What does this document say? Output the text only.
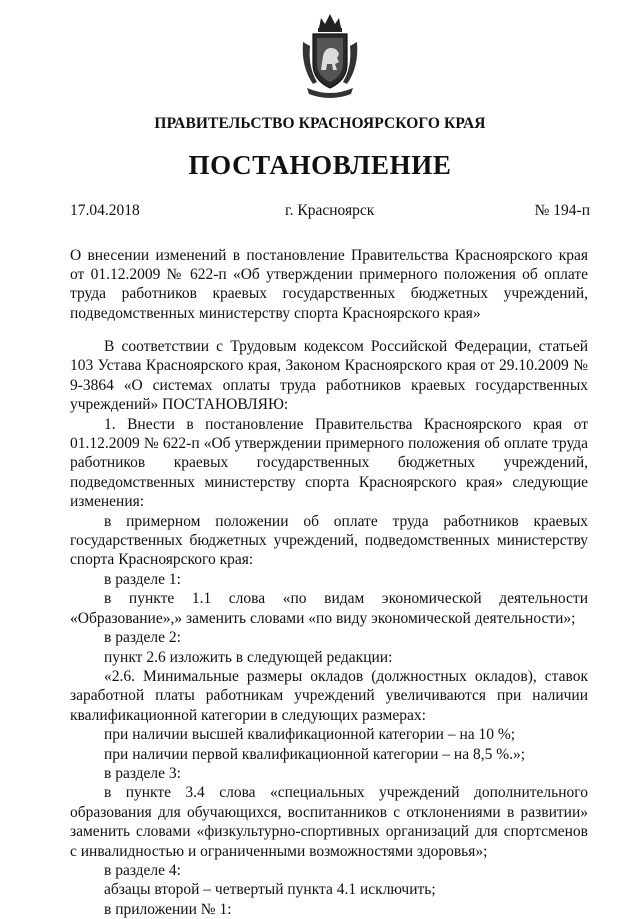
ПРАВИТЕЛЬСТВО КРАСНОЯРСКОГО КРАЯ
ПОСТАНОВЛЕНИЕ
17.04.2018	г. Красноярск	№ 194-п
О внесении изменений в постановление Правительства Красноярского края от 01.12.2009 № 622-п «Об утверждении примерного положения об оплате труда работников краевых государственных бюджетных учреждений, подведомственных министерству спорта Красноярского края»

В соответствии с Трудовым кодексом Российской Федерации, статьей 103 Устава Красноярского края, Законом Красноярского края от 29.10.2009 № 9-3864 «О системах оплаты труда работников краевых государственных учреждений» ПОСТАНОВЛЯЮ:

1. Внести в постановление Правительства Красноярского края от 01.12.2009 № 622-п «Об утверждении примерного положения об оплате труда работников краевых государственных бюджетных учреждений, подведомственных министерству спорта Красноярского края» следующие изменения:

в примерном положении об оплате труда работников краевых государственных бюджетных учреждений, подведомственных министерству спорта Красноярского края:

в разделе 1:

в пункте 1.1 слова «по видам экономической деятельности «Образование»,» заменить словами «по виду экономической деятельности»;

в разделе 2:

пункт 2.6 изложить в следующей редакции:

«2.6. Минимальные размеры окладов (должностных окладов), ставок заработной платы работникам учреждений увеличиваются при наличии квалификационной категории в следующих размерах:

при наличии высшей квалификационной категории – на 10 %;

при наличии первой квалификационной категории – на 8,5 %.»;

в разделе 3:

в пункте 3.4 слова «специальных учреждений дополнительного образования для обучающихся, воспитанников с отклонениями в развитии» заменить словами «физкультурно-спортивных организаций для спортсменов с инвалидностью и ограниченными возможностями здоровья»;

в разделе 4:

абзацы второй – четвертый пункта 4.1 исключить;

в приложении № 1:
